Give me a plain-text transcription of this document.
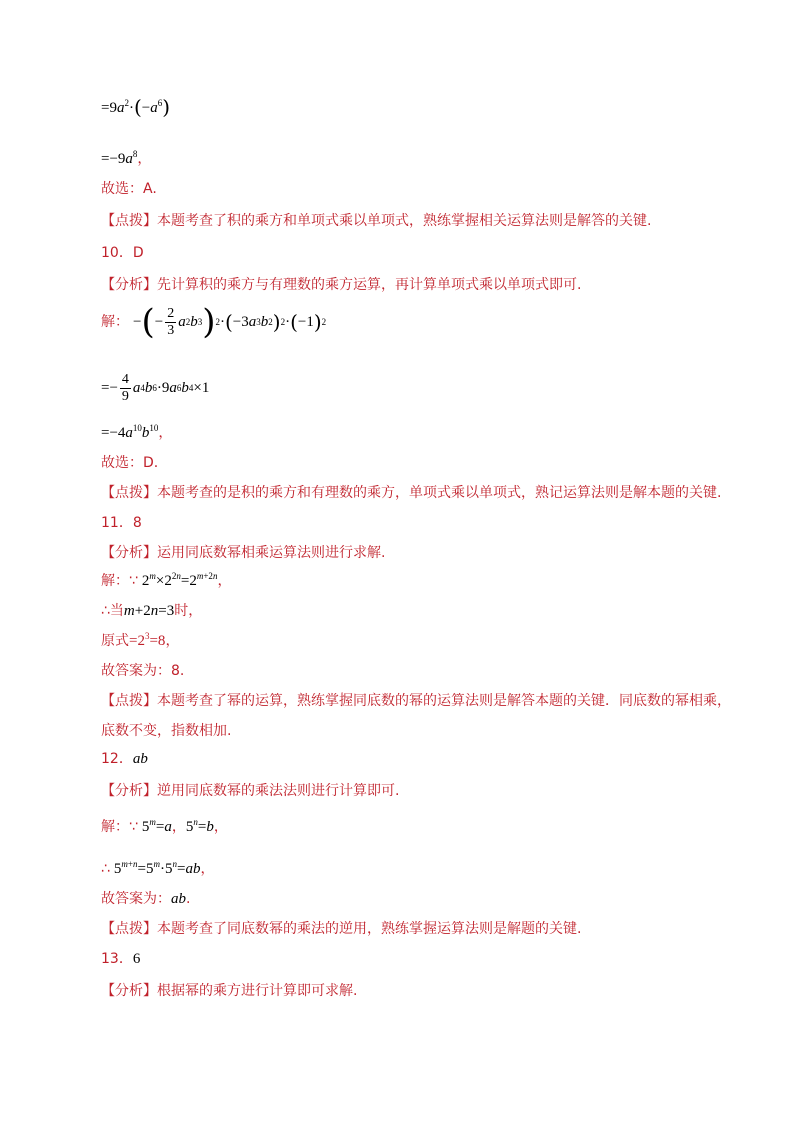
$=9a^2\cdot(-a^6)$
$=-9a^8$，
故选：A.
【点拨】本题考查了积的乘方和单项式乘以单项式，熟练掌握相关运算法则是解答的关键.
10．D
【分析】先计算积的乘方与有理数的乘方运算，再计算单项式乘以单项式即可.
解： − ( − $\frac{2}{3}$ a 2 b 3 ) 2 · ( −3 a 3 b 2 ) 2 · ( −1 ) 2
=− $\frac{4}{9}$ a 4 b 6 ·9 a 6 b 4 ×1
$=-4a^{10}b^{10}$，
故选：D.
【点拨】本题考查的是积的乘方和有理数的乘方，单项式乘以单项式，熟记运算法则是解本题的关键.
11．8
【分析】运用同底数幂相乘运算法则进行求解.
解：∵ $2^m\times 2^{2n}=2^{m+2n}$，
∴当m+2n=3时，
原式$=2^3=8$，
故答案为：8.
【点拨】本题考查了幂的运算，熟练掌握同底数的幂的运算法则是解答本题的关键．同底数的幂相乘，
底数不变，指数相加.
12．ab
【分析】逆用同底数幂的乘法法则进行计算即可.
解：∵ $5^m=a$，$5^n=b$，
∴ $5^{m+n}=5^m\cdot 5^n=ab$，
故答案为：ab.
【点拨】本题考查了同底数幂的乘法的逆用，熟练掌握运算法则是解题的关键.
13．6
【分析】根据幂的乘方进行计算即可求解.
